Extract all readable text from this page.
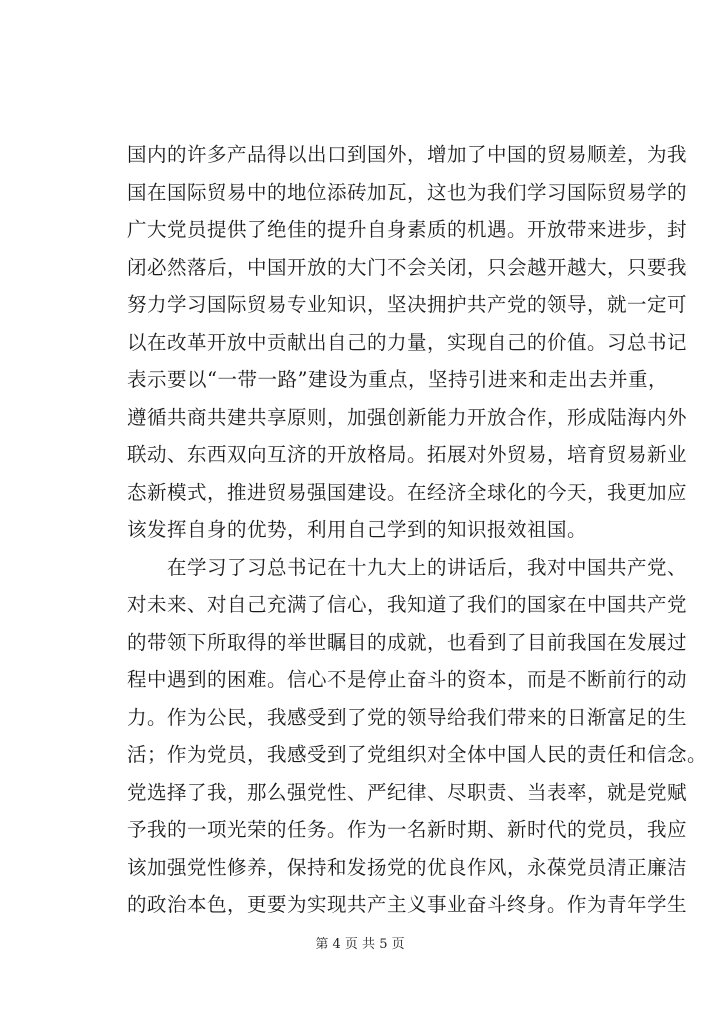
国内的许多产品得以出口到国外，增加了中国的贸易顺差，为我
国在国际贸易中的地位添砖加瓦，这也为我们学习国际贸易学的
广大党员提供了绝佳的提升自身素质的机遇。开放带来进步，封
闭必然落后，中国开放的大门不会关闭，只会越开越大，只要我
努力学习国际贸易专业知识，坚决拥护共产党的领导，就一定可
以在改革开放中贡献出自己的力量，实现自己的价值。习总书记
表示要以“一带一路”建设为重点，坚持引进来和走出去并重，
遵循共商共建共享原则，加强创新能力开放合作，形成陆海内外
联动、东西双向互济的开放格局。拓展对外贸易，培育贸易新业
态新模式，推进贸易强国建设。在经济全球化的今天，我更加应
该发挥自身的优势，利用自己学到的知识报效祖国。
　　在学习了习总书记在十九大上的讲话后，我对中国共产党、
对未来、对自己充满了信心，我知道了我们的国家在中国共产党
的带领下所取得的举世瞩目的成就，也看到了目前我国在发展过
程中遇到的困难。信心不是停止奋斗的资本，而是不断前行的动
力。作为公民，我感受到了党的领导给我们带来的日渐富足的生
活；作为党员，我感受到了党组织对全体中国人民的责任和信念。
党选择了我，那么强党性、严纪律、尽职责、当表率，就是党赋
予我的一项光荣的任务。作为一名新时期、新时代的党员，我应
该加强党性修养，保持和发扬党的优良作风，永葆党员清正廉洁
的政治本色，更要为实现共产主义事业奋斗终身。作为青年学生
第 4 页 共 5 页
